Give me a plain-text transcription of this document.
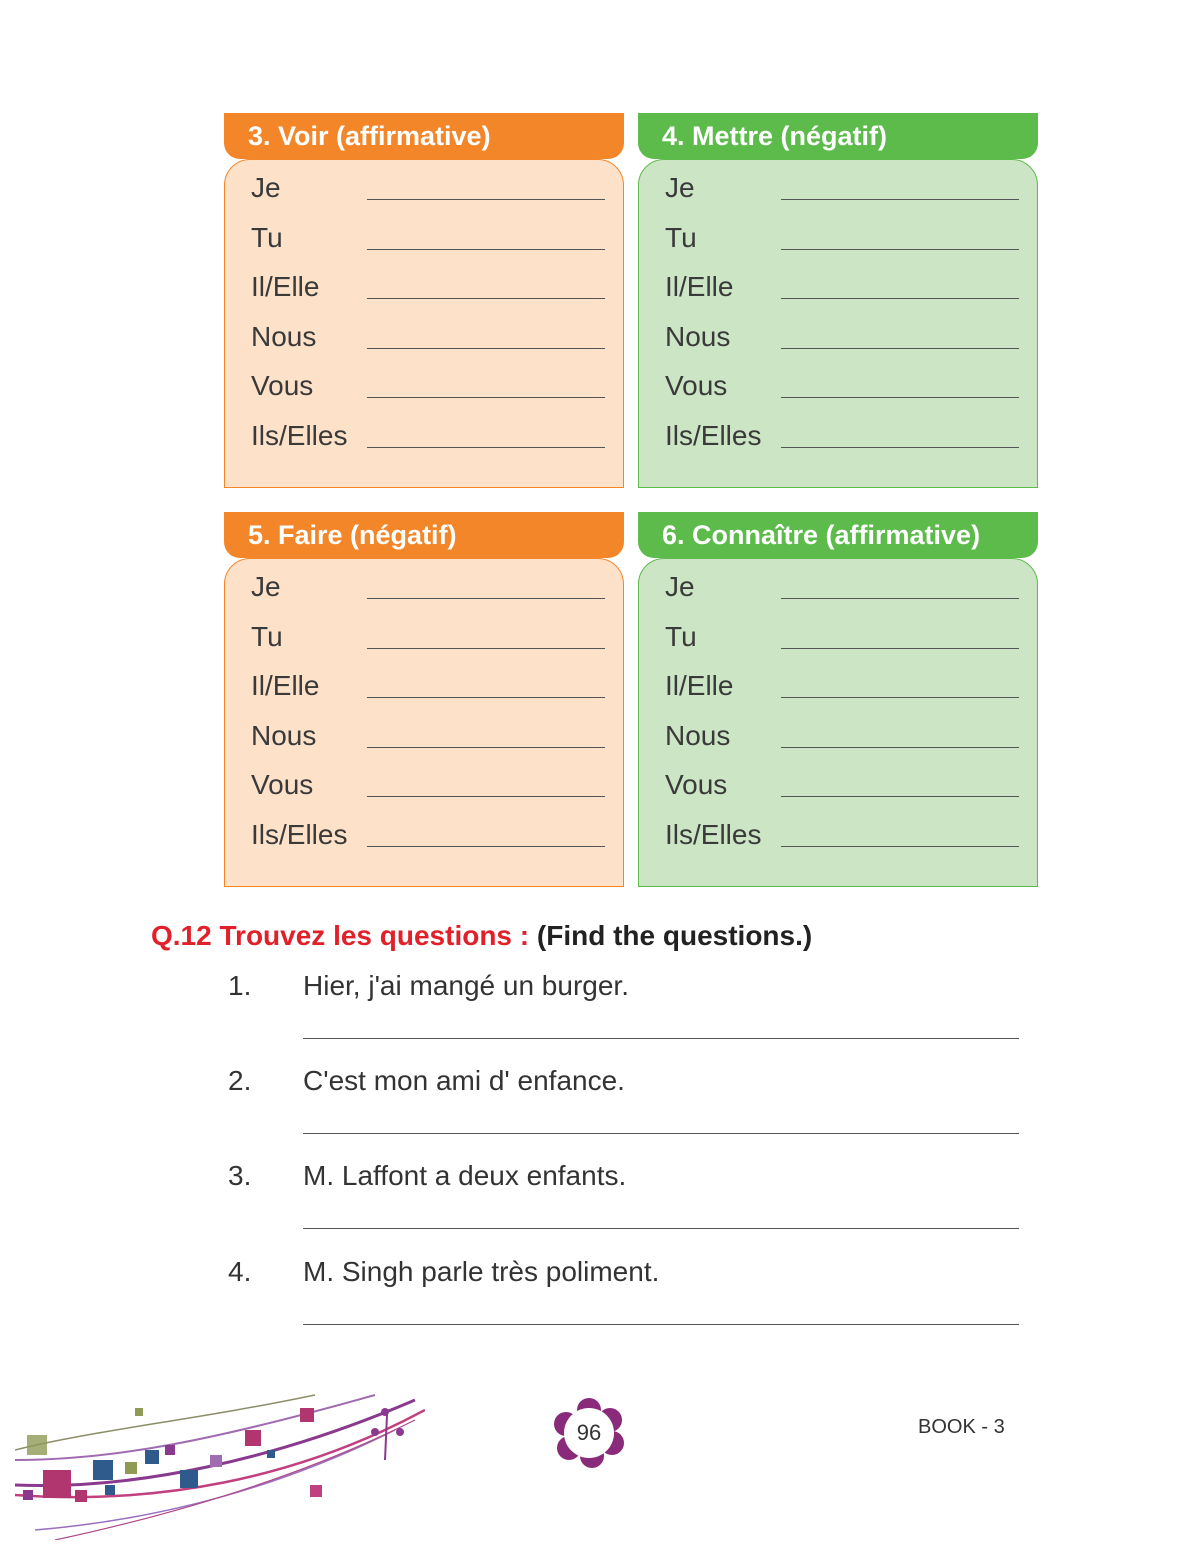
3. Voir (affirmative)
Je
Tu
Il/Elle
Nous
Vous
Ils/Elles
4. Mettre (négatif)
Je
Tu
Il/Elle
Nous
Vous
Ils/Elles
5. Faire (négatif)
Je
Tu
Il/Elle
Nous
Vous
Ils/Elles
6. Connaître (affirmative)
Je
Tu
Il/Elle
Nous
Vous
Ils/Elles
Q.12 Trouvez les questions : (Find the questions.)
1. Hier, j'ai mangé un burger.
2. C'est mon ami d' enfance.
3. M. Laffont a deux enfants.
4. M. Singh parle très poliment.
96	BOOK - 3
